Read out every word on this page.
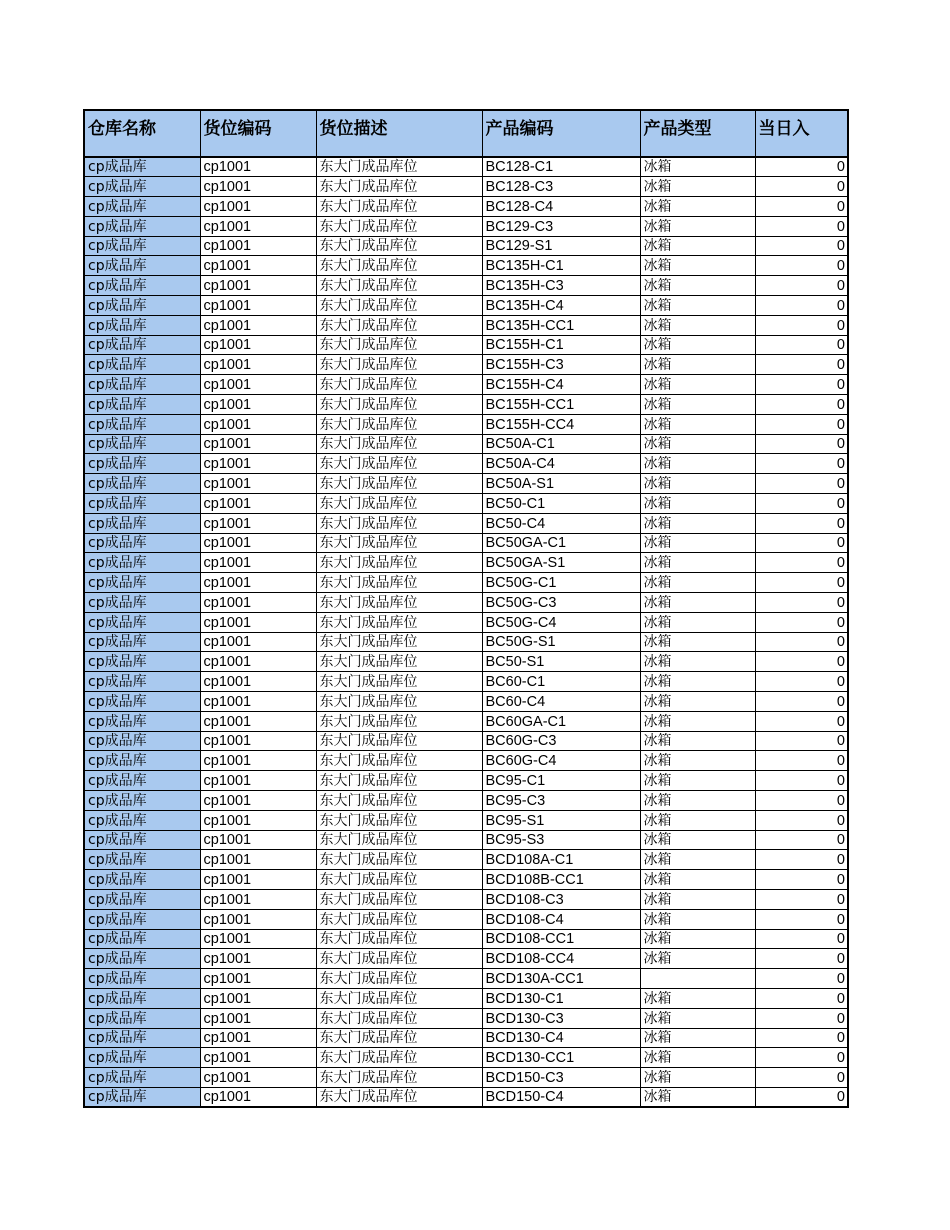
仓库名称	货位编码	货位描述	产品编码	产品类型	当日入
cp成品库	cp1001	东大门成品库位	BC128-C1	冰箱	0
cp成品库	cp1001	东大门成品库位	BC128-C3	冰箱	0
cp成品库	cp1001	东大门成品库位	BC128-C4	冰箱	0
cp成品库	cp1001	东大门成品库位	BC129-C3	冰箱	0
cp成品库	cp1001	东大门成品库位	BC129-S1	冰箱	0
cp成品库	cp1001	东大门成品库位	BC135H-C1	冰箱	0
cp成品库	cp1001	东大门成品库位	BC135H-C3	冰箱	0
cp成品库	cp1001	东大门成品库位	BC135H-C4	冰箱	0
cp成品库	cp1001	东大门成品库位	BC135H-CC1	冰箱	0
cp成品库	cp1001	东大门成品库位	BC155H-C1	冰箱	0
cp成品库	cp1001	东大门成品库位	BC155H-C3	冰箱	0
cp成品库	cp1001	东大门成品库位	BC155H-C4	冰箱	0
cp成品库	cp1001	东大门成品库位	BC155H-CC1	冰箱	0
cp成品库	cp1001	东大门成品库位	BC155H-CC4	冰箱	0
cp成品库	cp1001	东大门成品库位	BC50A-C1	冰箱	0
cp成品库	cp1001	东大门成品库位	BC50A-C4	冰箱	0
cp成品库	cp1001	东大门成品库位	BC50A-S1	冰箱	0
cp成品库	cp1001	东大门成品库位	BC50-C1	冰箱	0
cp成品库	cp1001	东大门成品库位	BC50-C4	冰箱	0
cp成品库	cp1001	东大门成品库位	BC50GA-C1	冰箱	0
cp成品库	cp1001	东大门成品库位	BC50GA-S1	冰箱	0
cp成品库	cp1001	东大门成品库位	BC50G-C1	冰箱	0
cp成品库	cp1001	东大门成品库位	BC50G-C3	冰箱	0
cp成品库	cp1001	东大门成品库位	BC50G-C4	冰箱	0
cp成品库	cp1001	东大门成品库位	BC50G-S1	冰箱	0
cp成品库	cp1001	东大门成品库位	BC50-S1	冰箱	0
cp成品库	cp1001	东大门成品库位	BC60-C1	冰箱	0
cp成品库	cp1001	东大门成品库位	BC60-C4	冰箱	0
cp成品库	cp1001	东大门成品库位	BC60GA-C1	冰箱	0
cp成品库	cp1001	东大门成品库位	BC60G-C3	冰箱	0
cp成品库	cp1001	东大门成品库位	BC60G-C4	冰箱	0
cp成品库	cp1001	东大门成品库位	BC95-C1	冰箱	0
cp成品库	cp1001	东大门成品库位	BC95-C3	冰箱	0
cp成品库	cp1001	东大门成品库位	BC95-S1	冰箱	0
cp成品库	cp1001	东大门成品库位	BC95-S3	冰箱	0
cp成品库	cp1001	东大门成品库位	BCD108A-C1	冰箱	0
cp成品库	cp1001	东大门成品库位	BCD108B-CC1	冰箱	0
cp成品库	cp1001	东大门成品库位	BCD108-C3	冰箱	0
cp成品库	cp1001	东大门成品库位	BCD108-C4	冰箱	0
cp成品库	cp1001	东大门成品库位	BCD108-CC1	冰箱	0
cp成品库	cp1001	东大门成品库位	BCD108-CC4	冰箱	0
cp成品库	cp1001	东大门成品库位	BCD130A-CC1		0
cp成品库	cp1001	东大门成品库位	BCD130-C1	冰箱	0
cp成品库	cp1001	东大门成品库位	BCD130-C3	冰箱	0
cp成品库	cp1001	东大门成品库位	BCD130-C4	冰箱	0
cp成品库	cp1001	东大门成品库位	BCD130-CC1	冰箱	0
cp成品库	cp1001	东大门成品库位	BCD150-C3	冰箱	0
cp成品库	cp1001	东大门成品库位	BCD150-C4	冰箱	0
